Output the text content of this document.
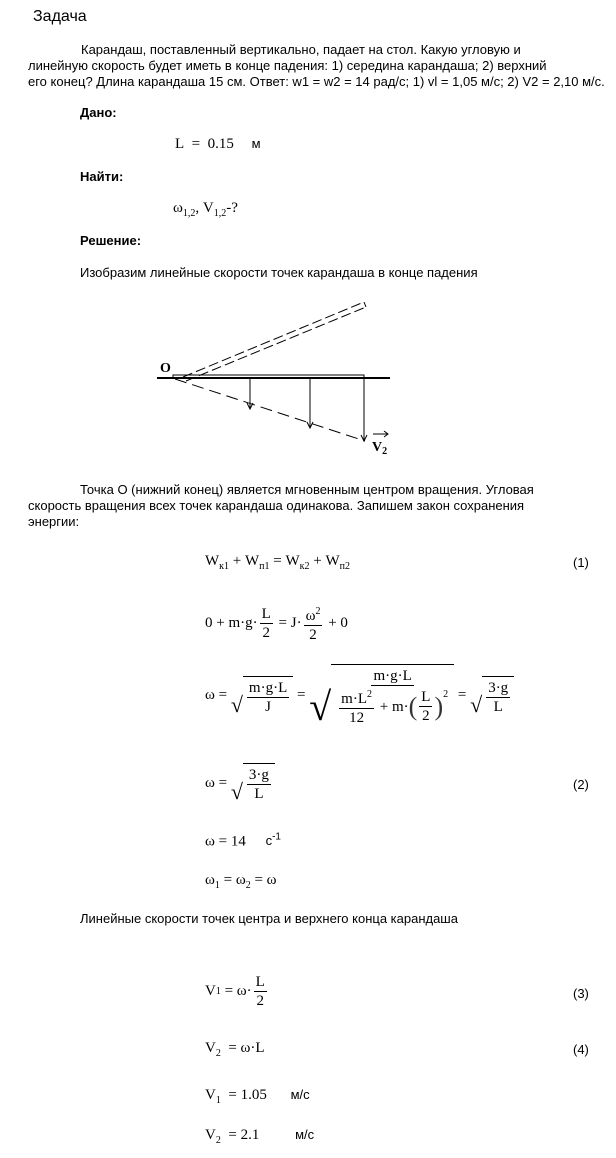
Задача
Карандаш, поставленный вертикально, падает на стол. Какую угловую и
линейную скорость будет иметь в конце падения: 1) середина карандаша; 2) верхний
его конец? Длина карандаша 15 см. Ответ: w1 = w2 = 14 рад/с; 1) vl = 1,05 м/с; 2) V2 = 2,10 м/с.
Дано:
L = 0.15 м
Найти:
$\omega_{1,2}$, $V_{1,2}-$?
Решение:
Изобразим линейные скорости точек карандаша в конце падения
O
$V_2$
Точка О (нижний конец) является мгновенным центром вращения. Угловая
скорость вращения всех точек карандаша одинакова. Запишем закон сохранения
энергии:
$W_{к1} + W_{п1} = W_{к2} + W_{п2}$	(1)
$0 + m\cdot g\cdot \frac{L}{2} = J\cdot \frac{\omega^2}{2} + 0$
ω =
√ $\frac{m\cdot g\cdot L}{J}$
=
√ m·g·L
$\frac{m\cdot L^2}{12}$
+ m· ( $\frac{L}{2} )^2$
=
√ $\frac{3\cdot g}{L}$
ω =
√ $\frac{3\cdot g}{L}$	(2)
ω = 14 $c^{-1}$
$\omega_1 = \omega_2 = \omega$
Линейные скорости точек центра и верхнего конца карандаша
V 1
= $\omega\cdot \frac{L}{2}$	(3)
$V_2 = \omega\cdot L$	(4)
$V_1 = 1.05$ м/с
$V_2 = 2.1$	м/с
